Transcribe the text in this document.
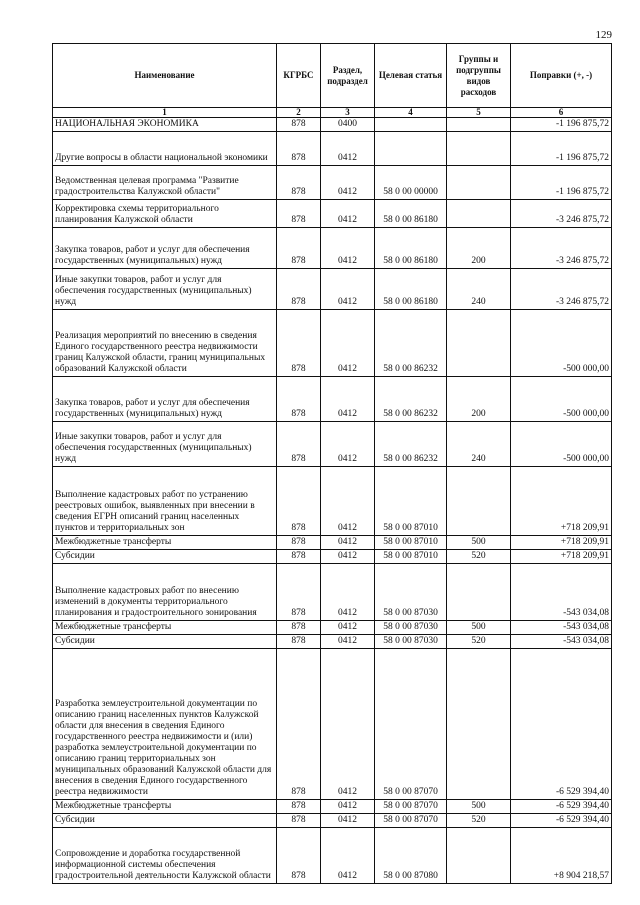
129
Наименование	КГРБС	Раздел, подраздел	Целевая статья	Группы и подгруппы видов расходов	Поправки (+, -)
1	2	3	4	5	6
НАЦИОНАЛЬНАЯ ЭКОНОМИКА	878	0400			-1 196 875,72
Другие вопросы в области национальной экономики	878	0412			-1 196 875,72
Ведомственная целевая программа "Развитие градостроительства Калужской области"	878	0412	58 0 00 00000		-1 196 875,72
Корректировка схемы территориального планирования Калужской области	878	0412	58 0 00 86180		-3 246 875,72
Закупка товаров, работ и услуг для обеспечения государственных (муниципальных) нужд	878	0412	58 0 00 86180	200	-3 246 875,72
Иные закупки товаров, работ и услуг для обеспечения государственных (муниципальных) нужд	878	0412	58 0 00 86180	240	-3 246 875,72
Реализация мероприятий по внесению в сведения Единого государственного реестра недвижимости границ Калужской области, границ муниципальных образований Калужской области	878	0412	58 0 00 86232		-500 000,00
Закупка товаров, работ и услуг для обеспечения государственных (муниципальных) нужд	878	0412	58 0 00 86232	200	-500 000,00
Иные закупки товаров, работ и услуг для обеспечения государственных (муниципальных) нужд	878	0412	58 0 00 86232	240	-500 000,00
Выполнение кадастровых работ по устранению реестровых ошибок, выявленных при внесении в сведения ЕГРН описаний границ населенных пунктов и территориальных зон	878	0412	58 0 00 87010		+718 209,91
Межбюджетные трансферты	878	0412	58 0 00 87010	500	+718 209,91
Субсидии	878	0412	58 0 00 87010	520	+718 209,91
Выполнение кадастровых работ по внесению изменений в документы территориального планирования и градостроительного зонирования	878	0412	58 0 00 87030		-543 034,08
Межбюджетные трансферты	878	0412	58 0 00 87030	500	-543 034,08
Субсидии	878	0412	58 0 00 87030	520	-543 034,08
Разработка землеустроительной документации по описанию границ населенных пунктов Калужской области для внесения в сведения Единого государственного реестра недвижимости и (или) разработка землеустроительной документации по описанию границ территориальных зон муниципальных образований Калужской области для внесения в сведения Единого государственного реестра недвижимости	878	0412	58 0 00 87070		-6 529 394,40
Межбюджетные трансферты	878	0412	58 0 00 87070	500	-6 529 394,40
Субсидии	878	0412	58 0 00 87070	520	-6 529 394,40
Сопровождение и доработка государственной информационной системы обеспечения градостроительной деятельности Калужской области	878	0412	58 0 00 87080		+8 904 218,57
